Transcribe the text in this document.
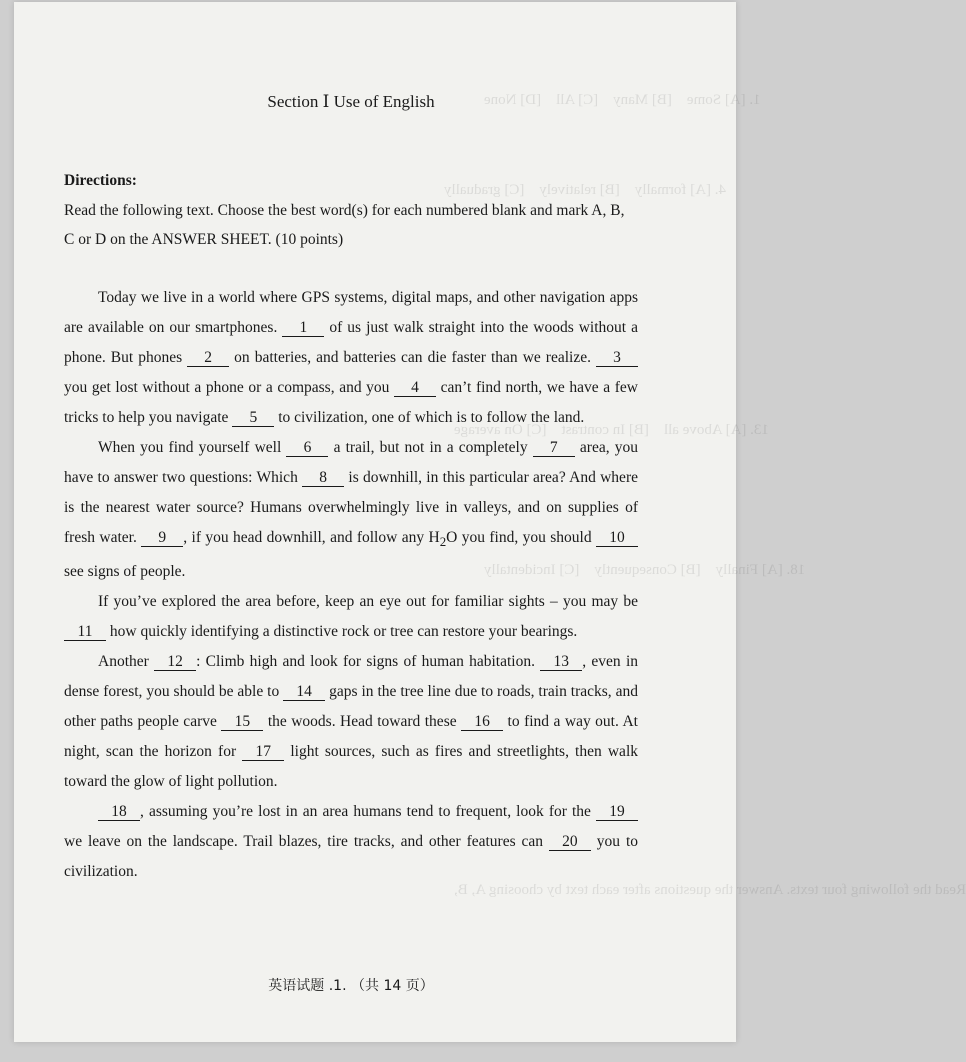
1. [A] Some    [B] Many    [C] All    [D] None
4. [A] formally    [B] relatively    [C] gradually
13. [A] Above all    [B] In contrast    [C] On average
18. [A] Finally    [B] Consequently    [C] Incidentally
Read the following four texts. Answer the questions after each text by choosing A, B,
Section Ⅰ Use of English
Directions:
Read the following text. Choose the best word(s) for each numbered blank and mark A, B, C or D on the ANSWER SHEET. (10 points)

Today we live in a world where GPS systems, digital maps, and other navigation apps are available on our smartphones. 1 of us just walk straight into the woods without a phone. But phones 2 on batteries, and batteries can die faster than we realize. 3 you get lost without a phone or a compass, and you 4 can’t find north, we have a few tricks to help you navigate 5 to civilization, one of which is to follow the land.

When you find yourself well 6 a trail, but not in a completely 7 area, you have to answer two questions: Which 8 is downhill, in this particular area? And where is the nearest water source? Humans overwhelmingly live in valleys, and on supplies of fresh water. 9 , if you head downhill, and follow any $H_2O$ you find, you should 10 see signs of people.

If you’ve explored the area before, keep an eye out for familiar sights – you may be 11 how quickly identifying a distinctive rock or tree can restore your bearings.

Another 12 : Climb high and look for signs of human habitation. 13 , even in dense forest, you should be able to 14 gaps in the tree line due to roads, train tracks, and other paths people carve 15 the woods. Head toward these 16 to find a way out. At night, scan the horizon for 17 light sources, such as fires and streetlights, then walk toward the glow of light pollution.

18 , assuming you’re lost in an area humans tend to frequent, look for the 19 we leave on the landscape. Trail blazes, tire tracks, and other features can 20 you to civilization.

英语试题 .1. （共 14 页）
